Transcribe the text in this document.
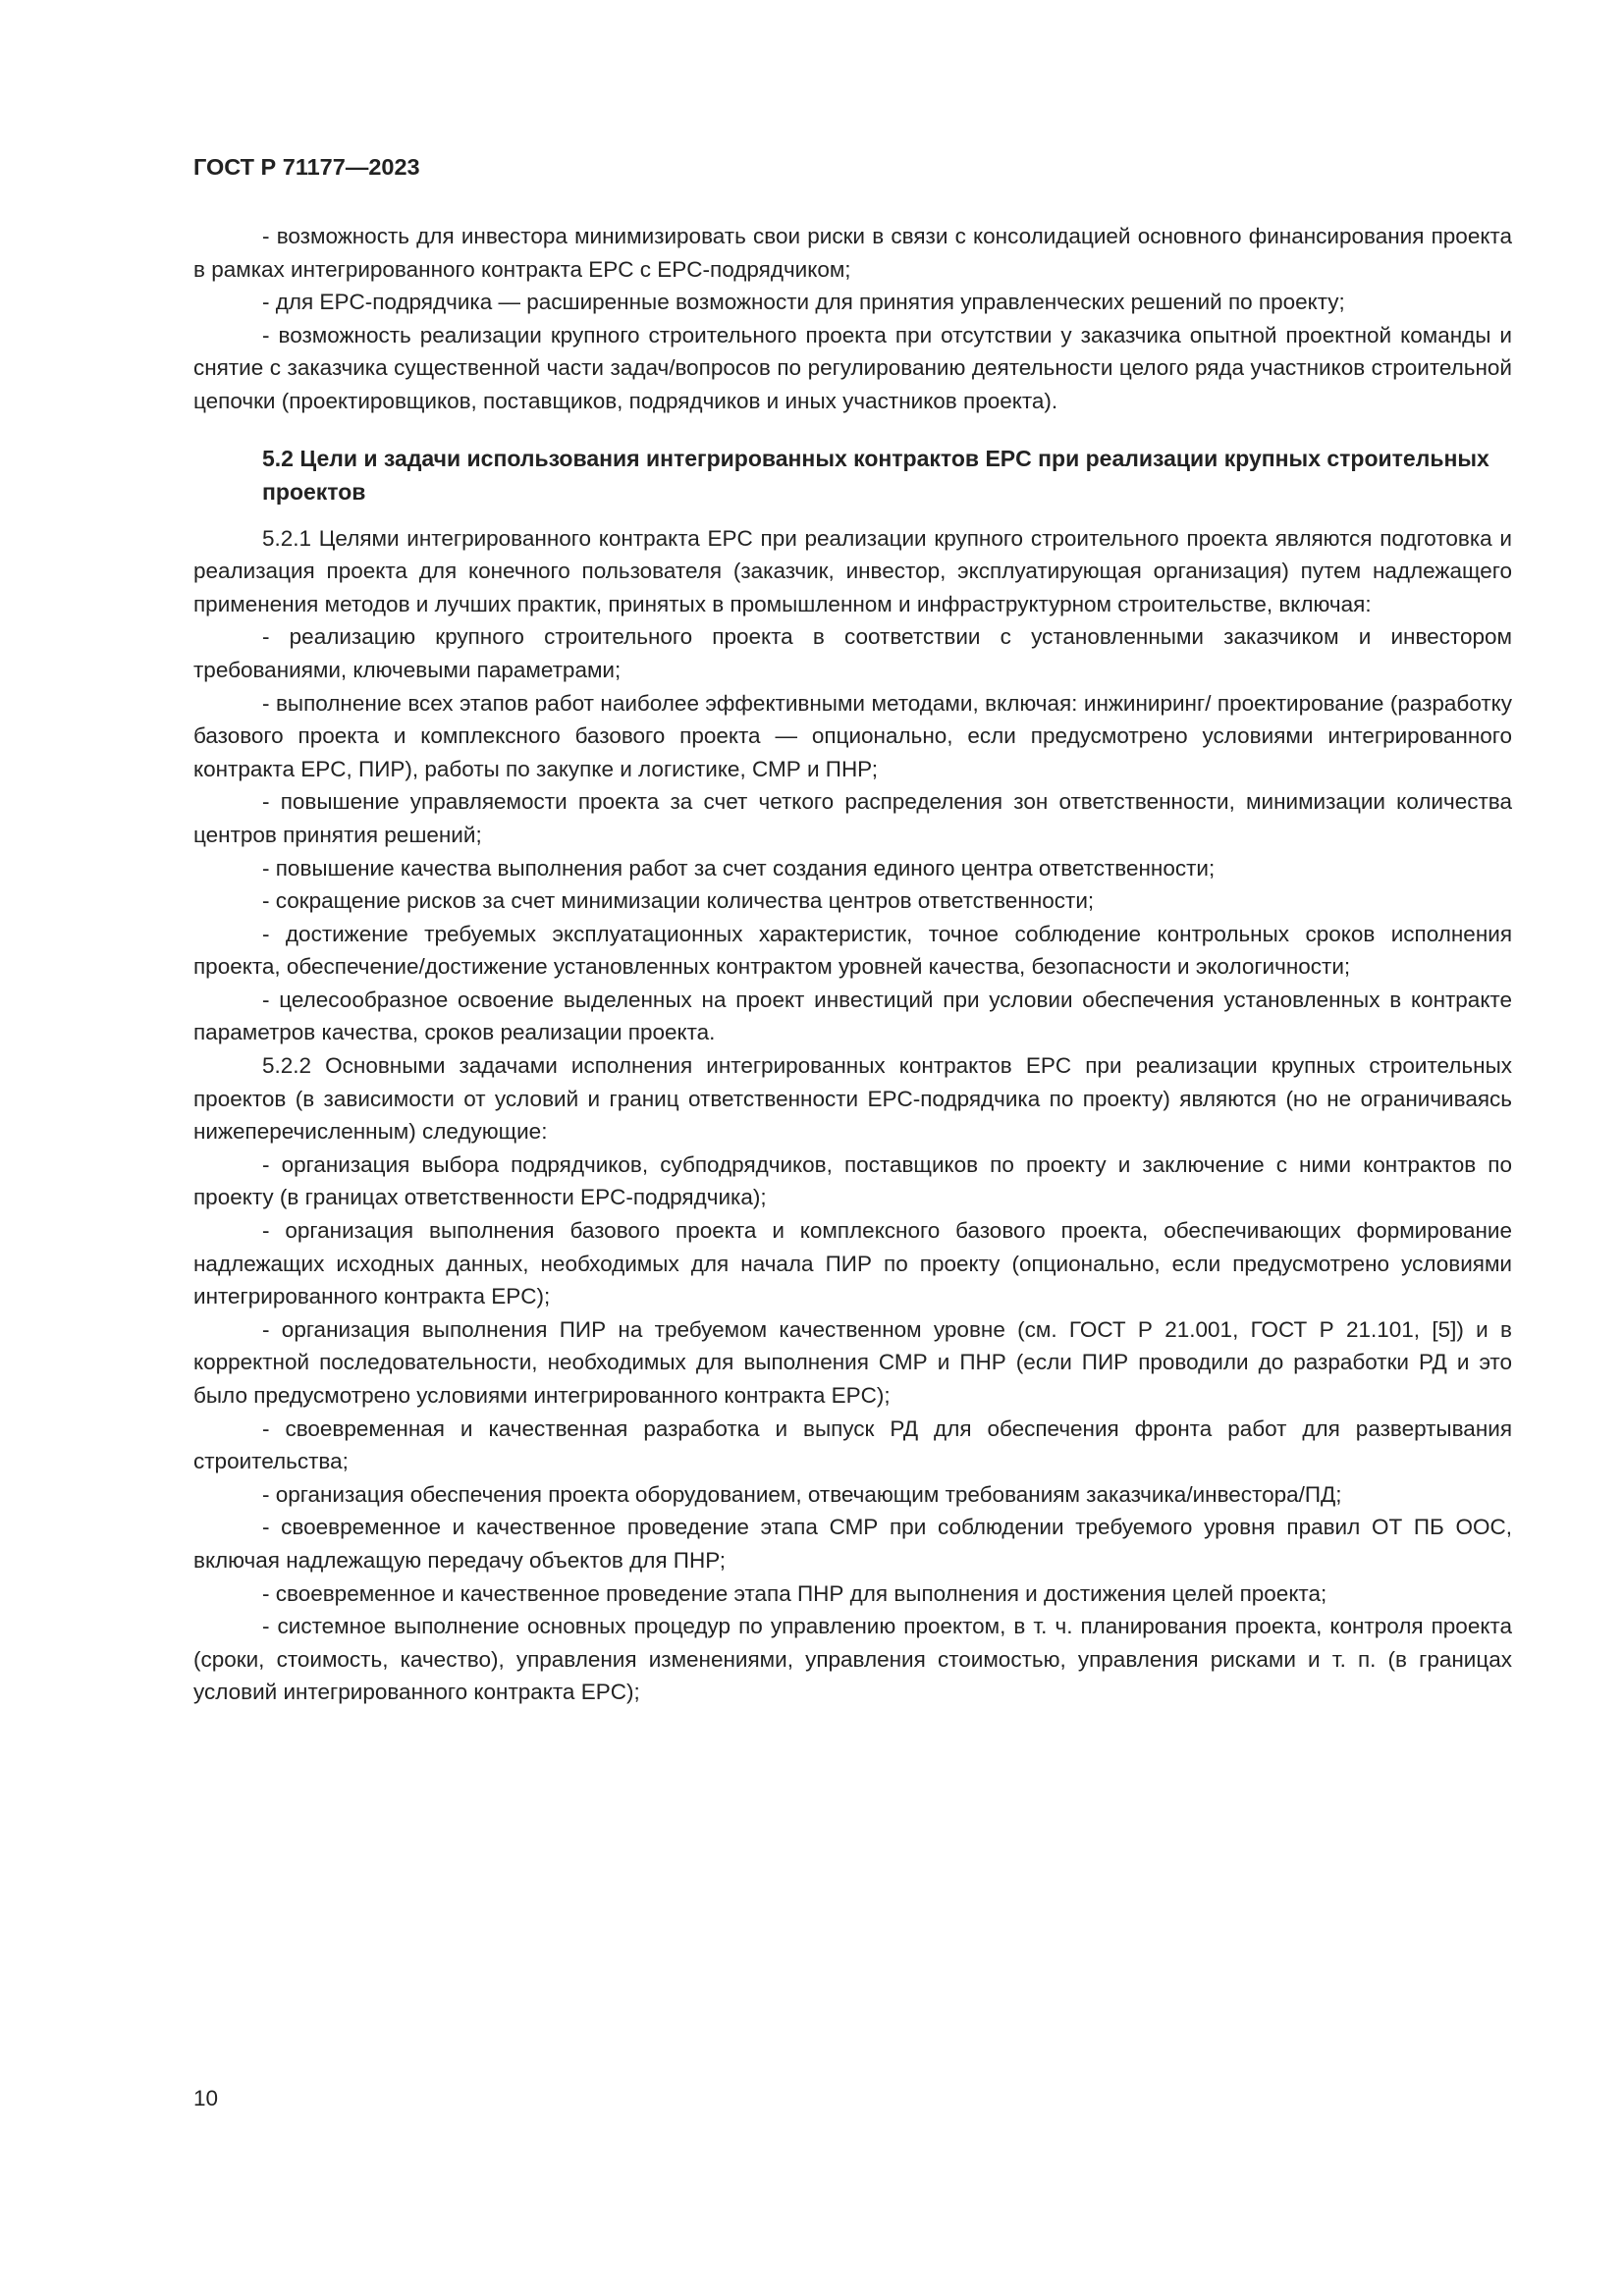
ГОСТ Р 71177—2023

- возможность для инвестора минимизировать свои риски в связи с консолидацией основного финансирования проекта в рамках интегрированного контракта EPC с EPC-подрядчиком;

- для EPC-подрядчика — расширенные возможности для принятия управленческих решений по проекту;

- возможность реализации крупного строительного проекта при отсутствии у заказчика опытной проектной команды и снятие с заказчика существенной части задач/вопросов по регулированию деятельности целого ряда участников строительной цепочки (проектировщиков, поставщиков, подрядчиков и иных участников проекта).

5.2 Цели и задачи использования интегрированных контрактов EPC при реализации крупных строительных проектов

5.2.1 Целями интегрированного контракта EPC при реализации крупного строительного проекта являются подготовка и реализация проекта для конечного пользователя (заказчик, инвестор, эксплуатирующая организация) путем надлежащего применения методов и лучших практик, принятых в промышленном и инфраструктурном строительстве, включая:

- реализацию крупного строительного проекта в соответствии с установленными заказчиком и инвестором требованиями, ключевыми параметрами;

- выполнение всех этапов работ наиболее эффективными методами, включая: инжиниринг/ проектирование (разработку базового проекта и комплексного базового проекта — опционально, если предусмотрено условиями интегрированного контракта EPC, ПИР), работы по закупке и логистике, СМР и ПНР;

- повышение управляемости проекта за счет четкого распределения зон ответственности, минимизации количества центров принятия решений;

- повышение качества выполнения работ за счет создания единого центра ответственности;

- сокращение рисков за счет минимизации количества центров ответственности;

- достижение требуемых эксплуатационных характеристик, точное соблюдение контрольных сроков исполнения проекта, обеспечение/достижение установленных контрактом уровней качества, безопасности и экологичности;

- целесообразное освоение выделенных на проект инвестиций при условии обеспечения установленных в контракте параметров качества, сроков реализации проекта.

5.2.2 Основными задачами исполнения интегрированных контрактов EPC при реализации крупных строительных проектов (в зависимости от условий и границ ответственности EPC-подрядчика по проекту) являются (но не ограничиваясь нижеперечисленным) следующие:

- организация выбора подрядчиков, субподрядчиков, поставщиков по проекту и заключение с ними контрактов по проекту (в границах ответственности EPC-подрядчика);

- организация выполнения базового проекта и комплексного базового проекта, обеспечивающих формирование надлежащих исходных данных, необходимых для начала ПИР по проекту (опционально, если предусмотрено условиями интегрированного контракта EPC);

- организация выполнения ПИР на требуемом качественном уровне (см. ГОСТ Р 21.001, ГОСТ Р 21.101, [5]) и в корректной последовательности, необходимых для выполнения СМР и ПНР (если ПИР проводили до разработки РД и это было предусмотрено условиями интегрированного контракта EPC);

- своевременная и качественная разработка и выпуск РД для обеспечения фронта работ для развертывания строительства;

- организация обеспечения проекта оборудованием, отвечающим требованиям заказчика/инвестора/ПД;

- своевременное и качественное проведение этапа СМР при соблюдении требуемого уровня правил ОТ ПБ ООС, включая надлежащую передачу объектов для ПНР;

- своевременное и качественное проведение этапа ПНР для выполнения и достижения целей проекта;

- системное выполнение основных процедур по управлению проектом, в т. ч. планирования проекта, контроля проекта (сроки, стоимость, качество), управления изменениями, управления стоимостью, управления рисками и т. п. (в границах условий интегрированного контракта EPC);

10
